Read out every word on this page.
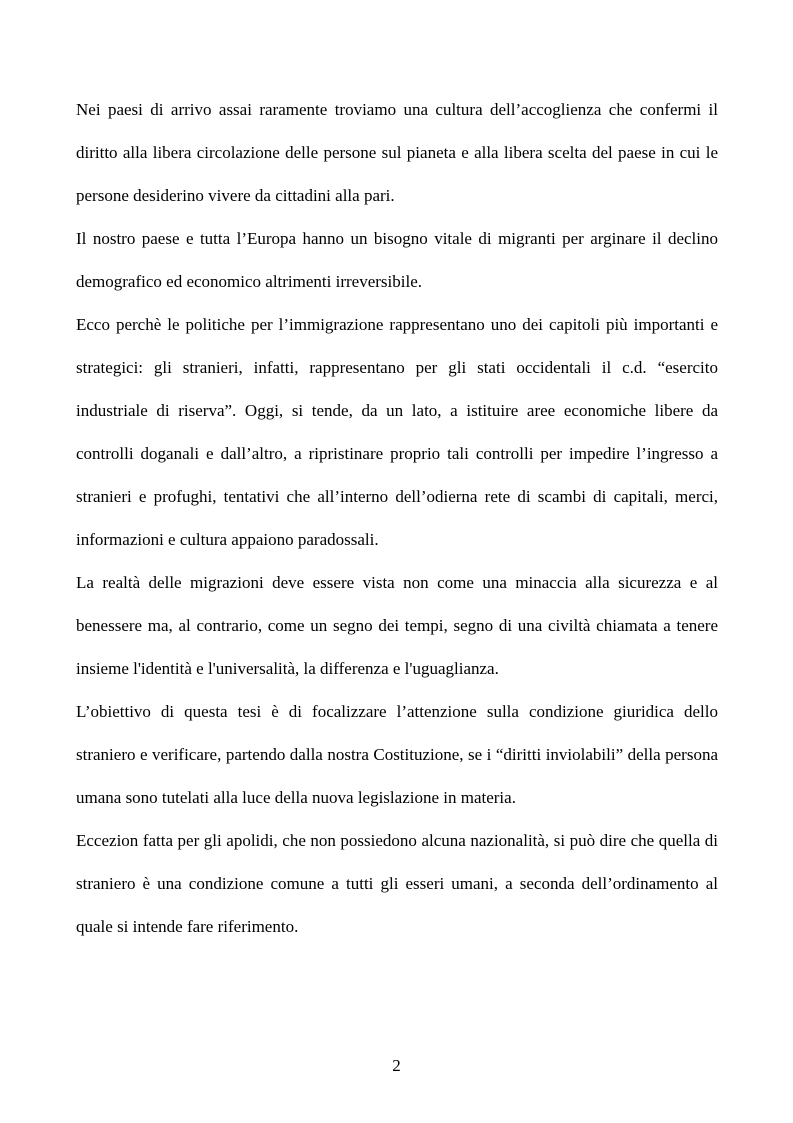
Nei paesi di arrivo assai raramente troviamo una cultura dell’accoglienza che confermi il diritto alla libera circolazione delle persone sul pianeta e alla libera scelta del paese in cui le persone desiderino vivere da cittadini alla pari.

Il nostro paese e tutta l’Europa hanno un bisogno vitale di migranti per arginare il declino demografico ed economico altrimenti irreversibile.

Ecco perchè le politiche per l’immigrazione rappresentano uno dei capitoli più importanti e strategici: gli stranieri, infatti, rappresentano per gli stati occidentali il c.d. “esercito industriale di riserva”. Oggi, si tende, da un lato, a istituire aree economiche libere da controlli doganali e dall’altro, a ripristinare proprio tali controlli per impedire l’ingresso a stranieri e profughi, tentativi che all’interno dell’odierna rete di scambi di capitali, merci, informazioni e cultura appaiono paradossali.

La realtà delle migrazioni deve essere vista non come una minaccia alla sicurezza e al benessere ma, al contrario, come un segno dei tempi, segno di una civiltà chiamata a tenere insieme l'identità e l'universalità, la differenza e l'uguaglianza.

L’obiettivo di questa tesi è di focalizzare l’attenzione sulla condizione giuridica dello straniero e verificare, partendo dalla nostra Costituzione, se i “diritti inviolabili” della persona umana sono tutelati alla luce della nuova legislazione in materia.

Eccezion fatta per gli apolidi, che non possiedono alcuna nazionalità, si può dire che quella di straniero è una condizione comune a tutti gli esseri umani, a seconda dell’ordinamento al quale si intende fare riferimento.

2
